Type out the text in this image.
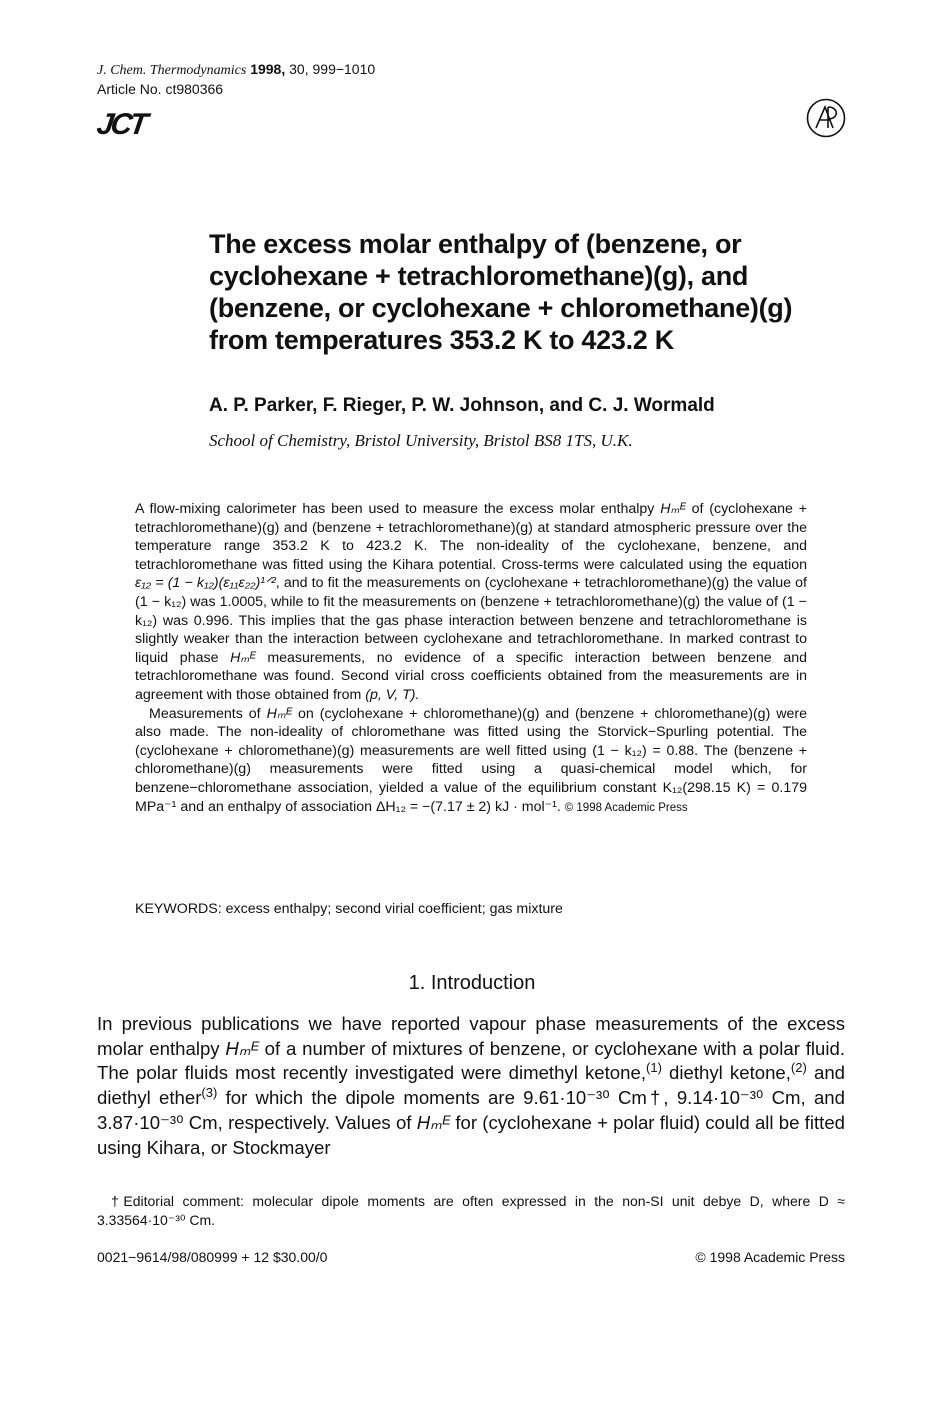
J. Chem. Thermodynamics 1998, 30, 999−1010
Article No. ct980366
JCT
The excess molar enthalpy of (benzene, or cyclohexane + tetrachloromethane)(g), and (benzene, or cyclohexane + chloromethane)(g) from temperatures 353.2 K to 423.2 K
A. P. Parker, F. Rieger, P. W. Johnson, and C. J. Wormald
School of Chemistry, Bristol University, Bristol BS8 1TS, U.K.

A flow-mixing calorimeter has been used to measure the excess molar enthalpy Hₘᴱ of (cyclohexane + tetrachloromethane)(g) and (benzene + tetrachloromethane)(g) at standard atmospheric pressure over the temperature range 353.2 K to 423.2 K. The non-ideality of the cyclohexane, benzene, and tetrachloromethane was fitted using the Kihara potential. Cross-terms were calculated using the equation ε₁₂ = (1 − k₁₂)(ε₁₁ε₂₂)¹ᐟ², and to fit the measurements on (cyclohexane + tetrachloromethane)(g) the value of (1 − k₁₂) was 1.0005, while to fit the measurements on (benzene + tetrachloromethane)(g) the value of (1 − k₁₂) was 0.996. This implies that the gas phase interaction between benzene and tetrachloromethane is slightly weaker than the interaction between cyclohexane and tetrachloromethane. In marked contrast to liquid phase Hₘᴱ measurements, no evidence of a specific interaction between benzene and tetrachloromethane was found. Second virial cross coefficients obtained from the measurements are in agreement with those obtained from (p, V, T).

Measurements of Hₘᴱ on (cyclohexane + chloromethane)(g) and (benzene + chloromethane)(g) were also made. The non-ideality of chloromethane was fitted using the Storvick−Spurling potential. The (cyclohexane + chloromethane)(g) measurements are well fitted using (1 − k₁₂) = 0.88. The (benzene + chloromethane)(g) measurements were fitted using a quasi-chemical model which, for benzene−chloromethane association, yielded a value of the equilibrium constant K₁₂(298.15 K) = 0.179 MPa⁻¹ and an enthalpy of association ΔH₁₂ = −(7.17 ± 2) kJ · mol⁻¹. © 1998 Academic Press

KEYWORDS: excess enthalpy; second virial coefficient; gas mixture
1. Introduction

In previous publications we have reported vapour phase measurements of the excess molar enthalpy Hₘᴱ of a number of mixtures of benzene, or cyclohexane with a polar fluid. The polar fluids most recently investigated were dimethyl ketone,$^{(1)}$ diethyl ketone,$^{(2)}$ and diethyl ether$^{(3)}$ for which the dipole moments are 9.61·10⁻³⁰ Cm†, 9.14·10⁻³⁰ Cm, and 3.87·10⁻³⁰ Cm, respectively. Values of Hₘᴱ for (cyclohexane + polar fluid) could all be fitted using Kihara, or Stockmayer

†Editorial comment: molecular dipole moments are often expressed in the non-SI unit debye D, where D ≈ 3.33564·10⁻³⁰ Cm.

0021−9614/98/080999 + 12 $30.00/0	© 1998 Academic Press
